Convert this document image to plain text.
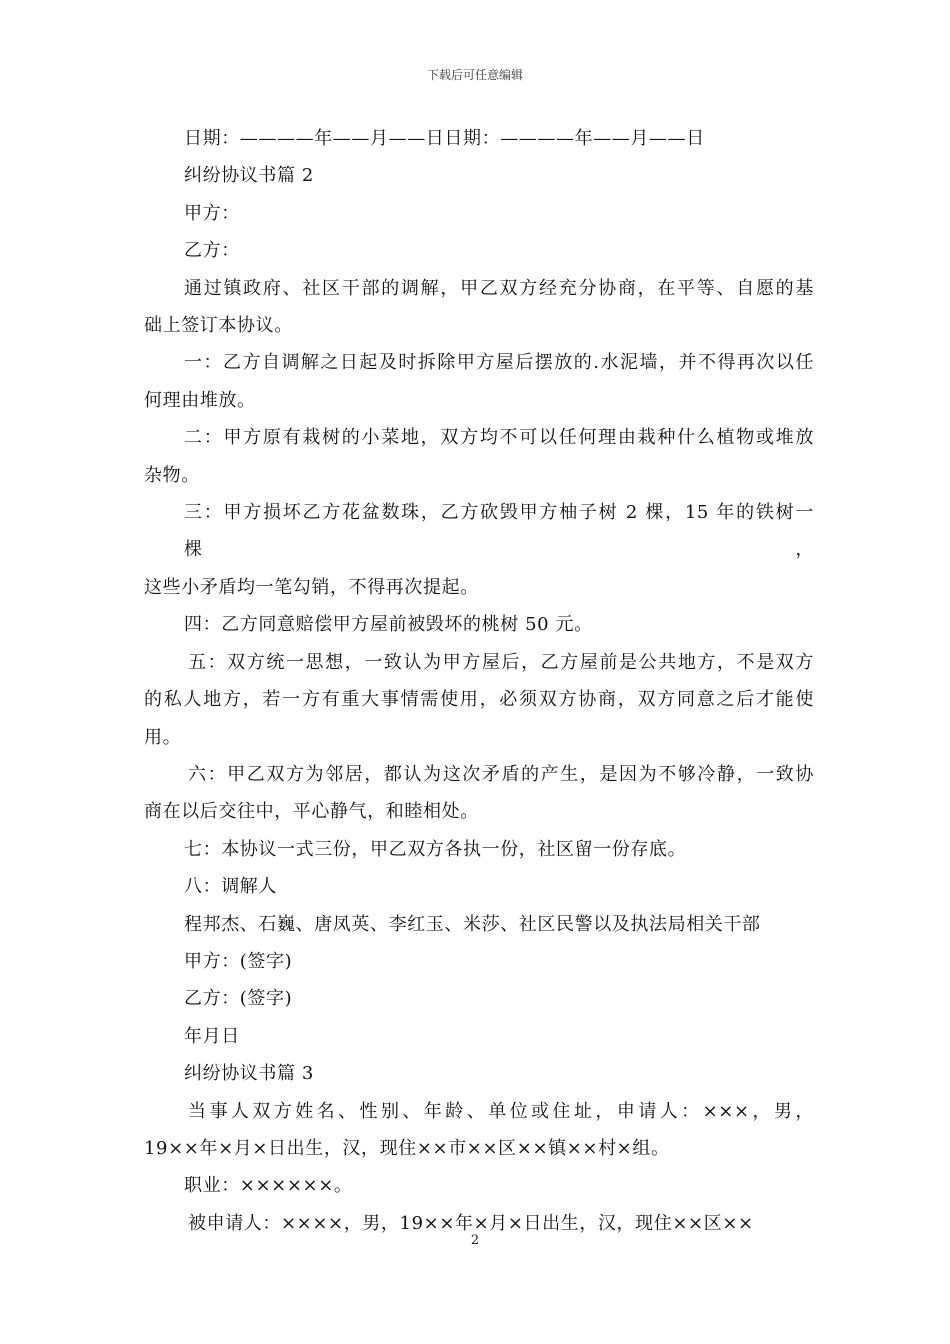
下载后可任意编辑
日期：————年——月——日日期：————年——月——日
纠纷协议书篇 2
甲方：
乙方：
通过镇政府、社区干部的调解，甲乙双方经充分协商，在平等、自愿的基
础上签订本协议。
一：乙方自调解之日起及时拆除甲方屋后摆放的.水泥墙，并不得再次以任
何理由堆放。
二：甲方原有栽树的小菜地，双方均不可以任何理由栽种什么植物或堆放
杂物。
三：甲方损坏乙方花盆数珠，乙方砍毁甲方柚子树 2 棵，15 年的铁树一棵，
这些小矛盾均一笔勾销，不得再次提起。
四：乙方同意赔偿甲方屋前被毁坏的桃树 50 元。
五：双方统一思想，一致认为甲方屋后，乙方屋前是公共地方，不是双方
的私人地方，若一方有重大事情需使用，必须双方协商，双方同意之后才能使
用。
六：甲乙双方为邻居，都认为这次矛盾的产生，是因为不够冷静，一致协
商在以后交往中，平心静气，和睦相处。
七：本协议一式三份，甲乙双方各执一份，社区留一份存底。
八：调解人
程邦杰、石巍、唐凤英、李红玉、米莎、社区民警以及执法局相关干部
甲方：(签字)
乙方：(签字)
年月日
纠纷协议书篇 3
当事人双方姓名、性别、年龄、单位或住址，申请人：×××，男，
19××年×月×日出生，汉，现住××市××区××镇××村×组。
职业：××××××。
被申请人：××××，男，19××年×月×日出生，汉，现住××区××
2
